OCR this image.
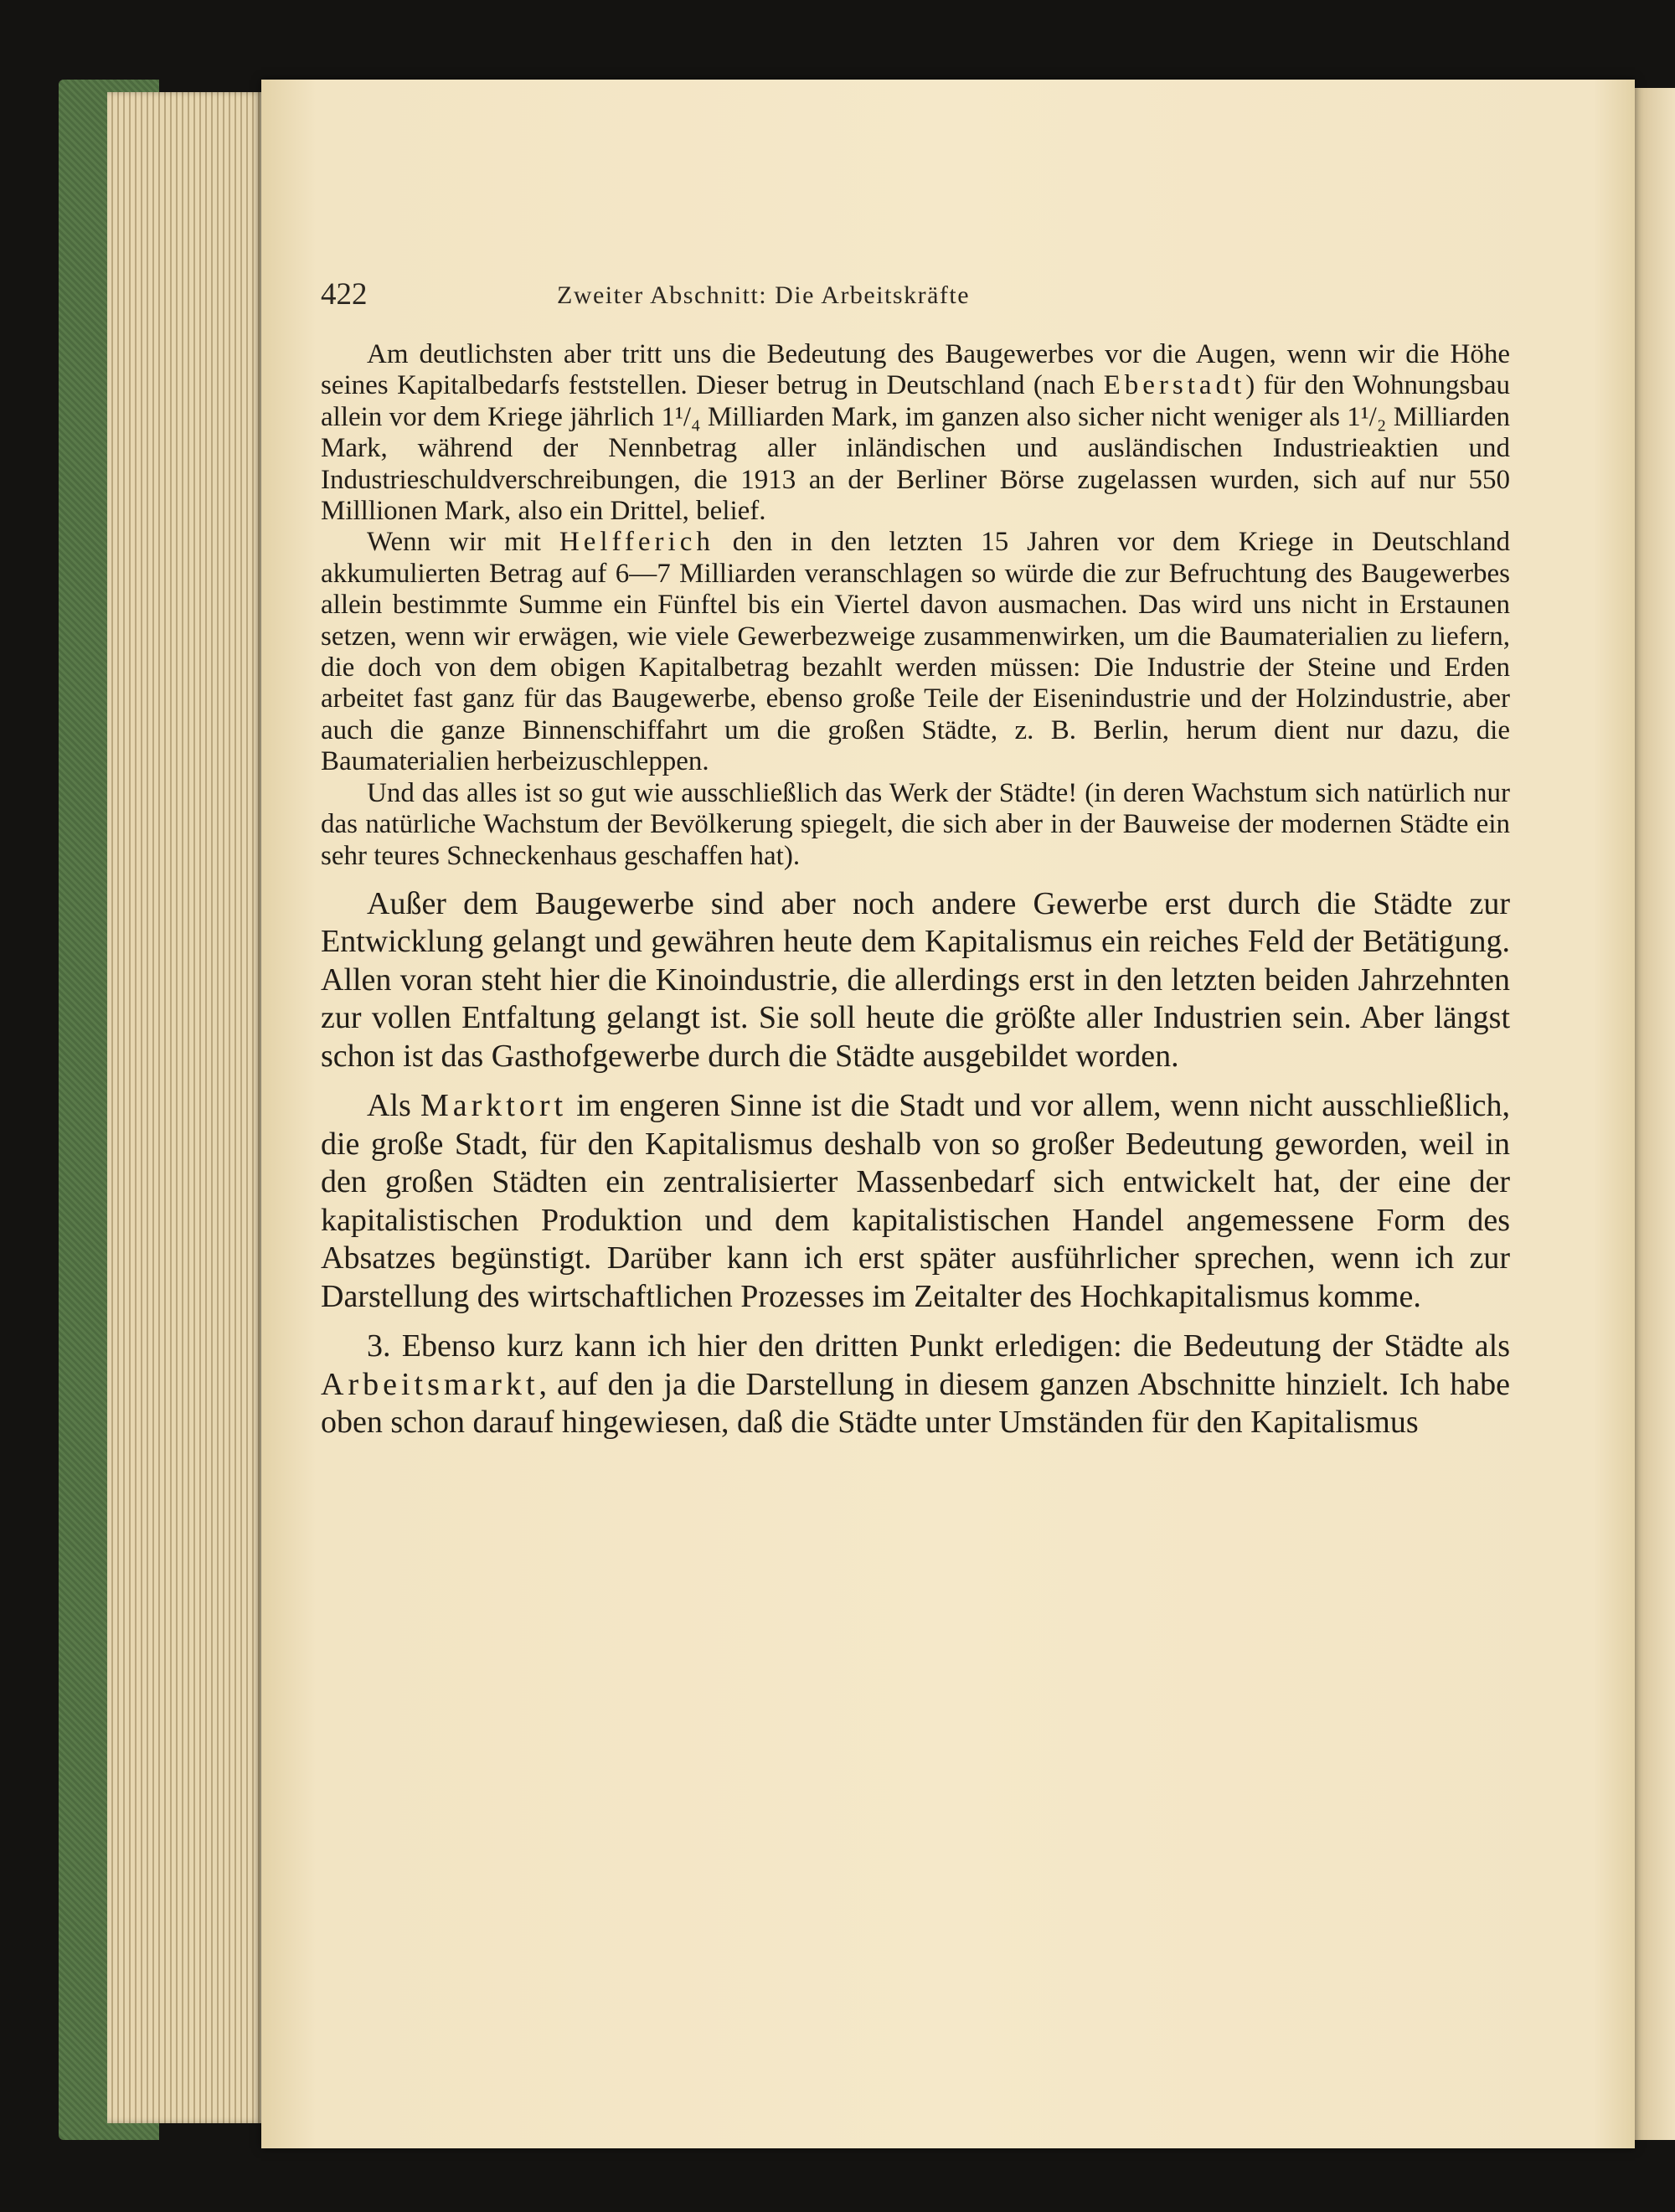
422	Zweiter Abschnitt: Die Arbeitskräfte

Am deutlichsten aber tritt uns die Bedeutung des Baugewerbes vor die Augen, wenn wir die Höhe seines Kapitalbedarfs feststellen. Dieser betrug in Deutschland (nach Eberstadt) für den Wohnungsbau allein vor dem Kriege jährlich 1¹/₄ Milliarden Mark, im ganzen also sicher nicht weniger als 1¹/₂ Milliarden Mark, während der Nennbetrag aller inländischen und ausländischen Industrieaktien und Industrieschuldverschreibungen, die 1913 an der Berliner Börse zugelassen wurden, sich auf nur 550 Milllionen Mark, also ein Drittel, belief.

Wenn wir mit Helfferich den in den letzten 15 Jahren vor dem Kriege in Deutschland akkumulierten Betrag auf 6—7 Milliarden veranschlagen so würde die zur Befruchtung des Baugewerbes allein bestimmte Summe ein Fünftel bis ein Viertel davon ausmachen. Das wird uns nicht in Erstaunen setzen, wenn wir erwägen, wie viele Gewerbezweige zusammenwirken, um die Baumaterialien zu liefern, die doch von dem obigen Kapitalbetrag bezahlt werden müssen: Die Industrie der Steine und Erden arbeitet fast ganz für das Baugewerbe, ebenso große Teile der Eisenindustrie und der Holzindustrie, aber auch die ganze Binnenschiffahrt um die großen Städte, z. B. Berlin, herum dient nur dazu, die Baumaterialien herbeizuschleppen.

Und das alles ist so gut wie ausschließlich das Werk der Städte! (in deren Wachstum sich natürlich nur das natürliche Wachstum der Bevölkerung spiegelt, die sich aber in der Bauweise der modernen Städte ein sehr teures Schneckenhaus geschaffen hat).

Außer dem Baugewerbe sind aber noch andere Gewerbe erst durch die Städte zur Entwicklung gelangt und gewähren heute dem Kapitalismus ein reiches Feld der Betätigung. Allen voran steht hier die Kinoindustrie, die allerdings erst in den letzten beiden Jahrzehnten zur vollen Entfaltung gelangt ist. Sie soll heute die größte aller Industrien sein. Aber längst schon ist das Gasthofgewerbe durch die Städte ausgebildet worden.

Als Marktort im engeren Sinne ist die Stadt und vor allem, wenn nicht ausschließlich, die große Stadt, für den Kapitalismus deshalb von so großer Bedeutung geworden, weil in den großen Städten ein zentralisierter Massenbedarf sich entwickelt hat, der eine der kapitalistischen Produktion und dem kapitalistischen Handel angemessene Form des Absatzes begünstigt. Darüber kann ich erst später ausführlicher sprechen, wenn ich zur Darstellung des wirtschaftlichen Prozesses im Zeitalter des Hochkapitalismus komme.

3. Ebenso kurz kann ich hier den dritten Punkt erledigen: die Bedeutung der Städte als Arbeitsmarkt, auf den ja die Darstellung in diesem ganzen Abschnitte hinzielt. Ich habe oben schon darauf hingewiesen, daß die Städte unter Umständen für den Kapitalismus
